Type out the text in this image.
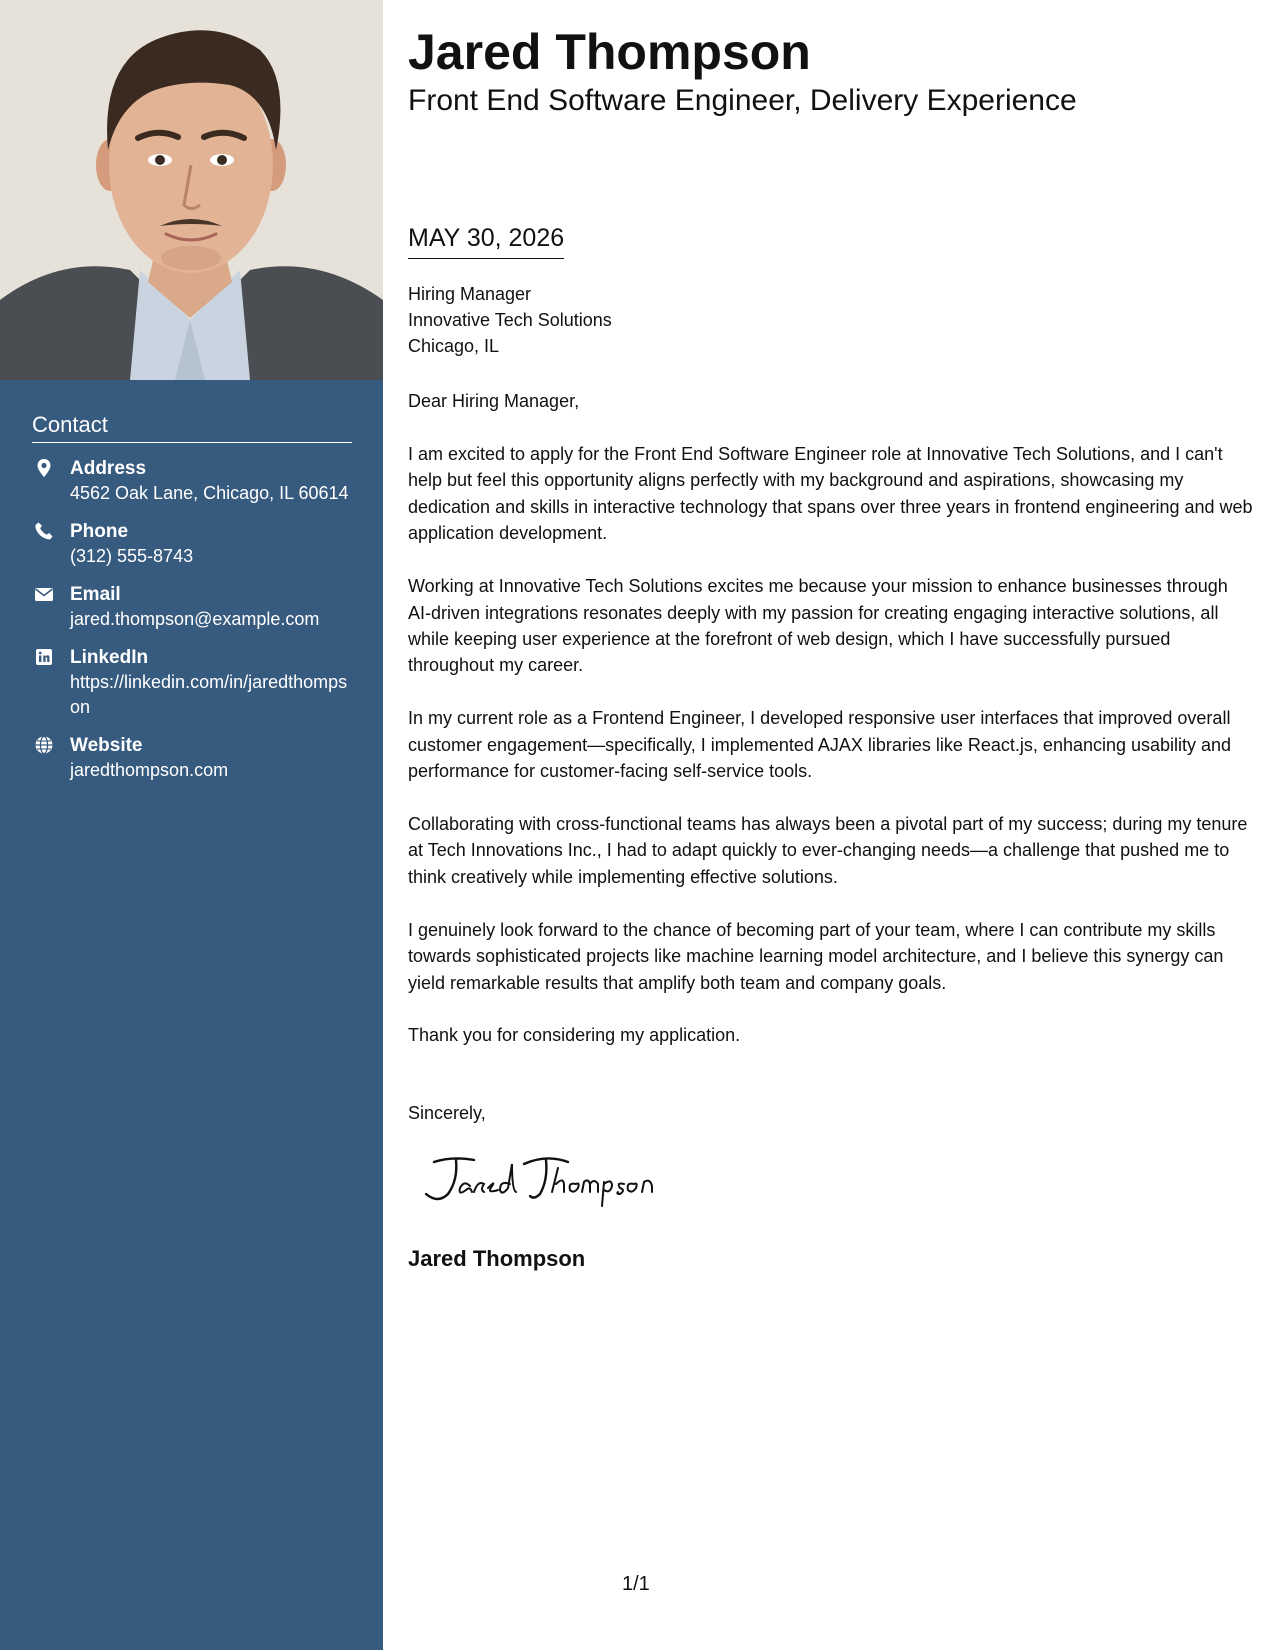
Contact
Address
4562 Oak Lane, Chicago, IL 60614
Phone
(312) 555-8743
Email
jared.thompson@example.com
LinkedIn
https://linkedin.com/in/jaredthompson
Website
jaredthompson.com
Jared Thompson
Front End Software Engineer, Delivery Experience
MAY 30, 2026
Hiring Manager
Innovative Tech Solutions
Chicago, IL
Dear Hiring Manager,

I am excited to apply for the Front End Software Engineer role at Innovative Tech Solutions, and I can't help but feel this opportunity aligns perfectly with my background and aspirations, showcasing my dedication and skills in interactive technology that spans over three years in frontend engineering and web application development.

Working at Innovative Tech Solutions excites me because your mission to enhance businesses through AI-driven integrations resonates deeply with my passion for creating engaging interactive solutions, all while keeping user experience at the forefront of web design, which I have successfully pursued throughout my career.

In my current role as a Frontend Engineer, I developed responsive user interfaces that improved overall customer engagement—specifically, I implemented AJAX libraries like React.js, enhancing usability and performance for customer-facing self-service tools.

Collaborating with cross-functional teams has always been a pivotal part of my success; during my tenure at Tech Innovations Inc., I had to adapt quickly to ever-changing needs—a challenge that pushed me to think creatively while implementing effective solutions.

I genuinely look forward to the chance of becoming part of your team, where I can contribute my skills towards sophisticated projects like machine learning model architecture, and I believe this synergy can yield remarkable results that amplify both team and company goals.

Thank you for considering my application.

Sincerely,
Jared Thompson
1/1
